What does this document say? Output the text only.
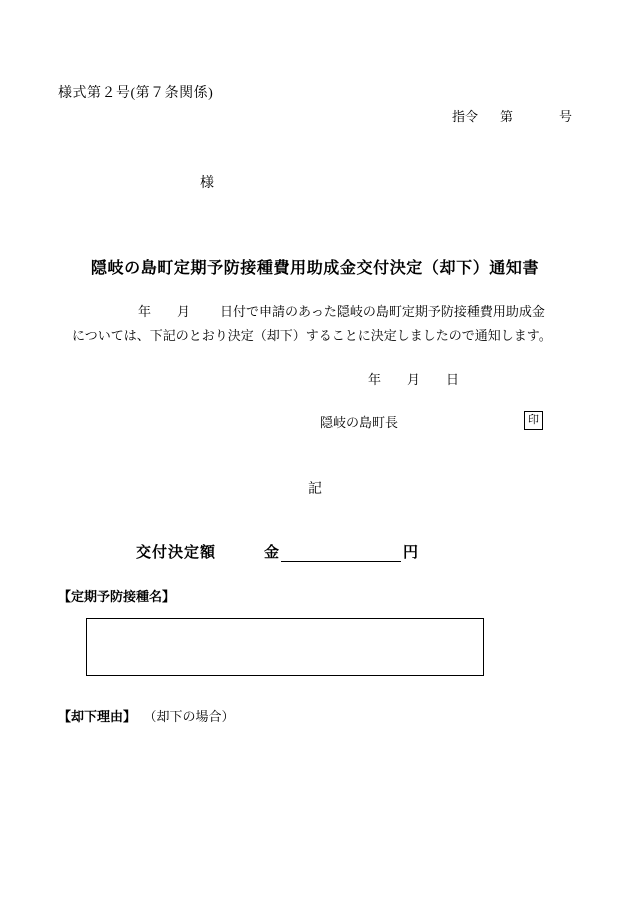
様式第２号(第７条関係)
指令 第	号
様
隠岐の島町定期予防接種費用助成金交付決定（却下）通知書
年 月 日付で申請のあった隠岐の島町定期予防接種費用助成金
については、下記のとおり決定（却下）することに決定しましたので通知します。
年 月 日
隠岐の島町長	印
記
交付決定額	金	円
【定期予防接種名】
【却下理由】 （却下の場合）
